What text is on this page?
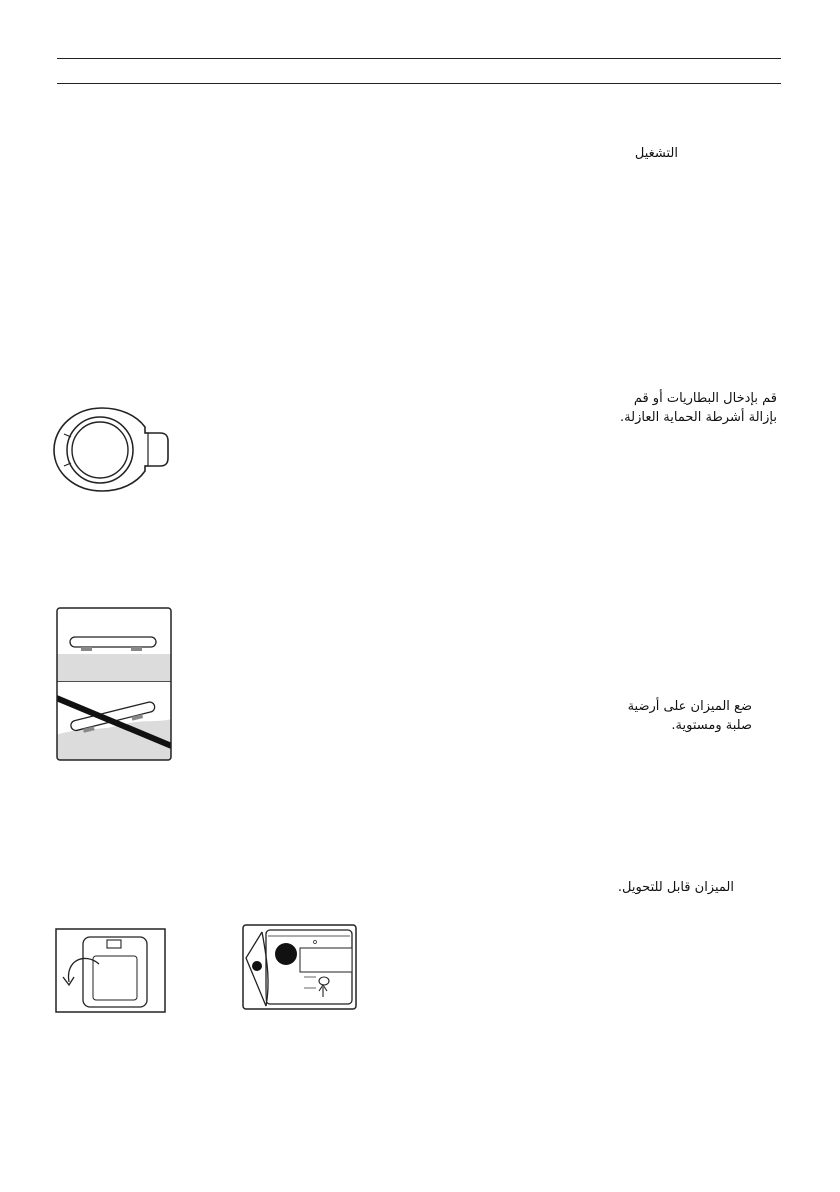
التشغيل
قم بإدخال البطاريات أو قم
بإزالة أشرطة الحماية العازلة.
ضع الميزان على أرضية
صلبة ومستوية.
الميزان قابل للتحويل.
